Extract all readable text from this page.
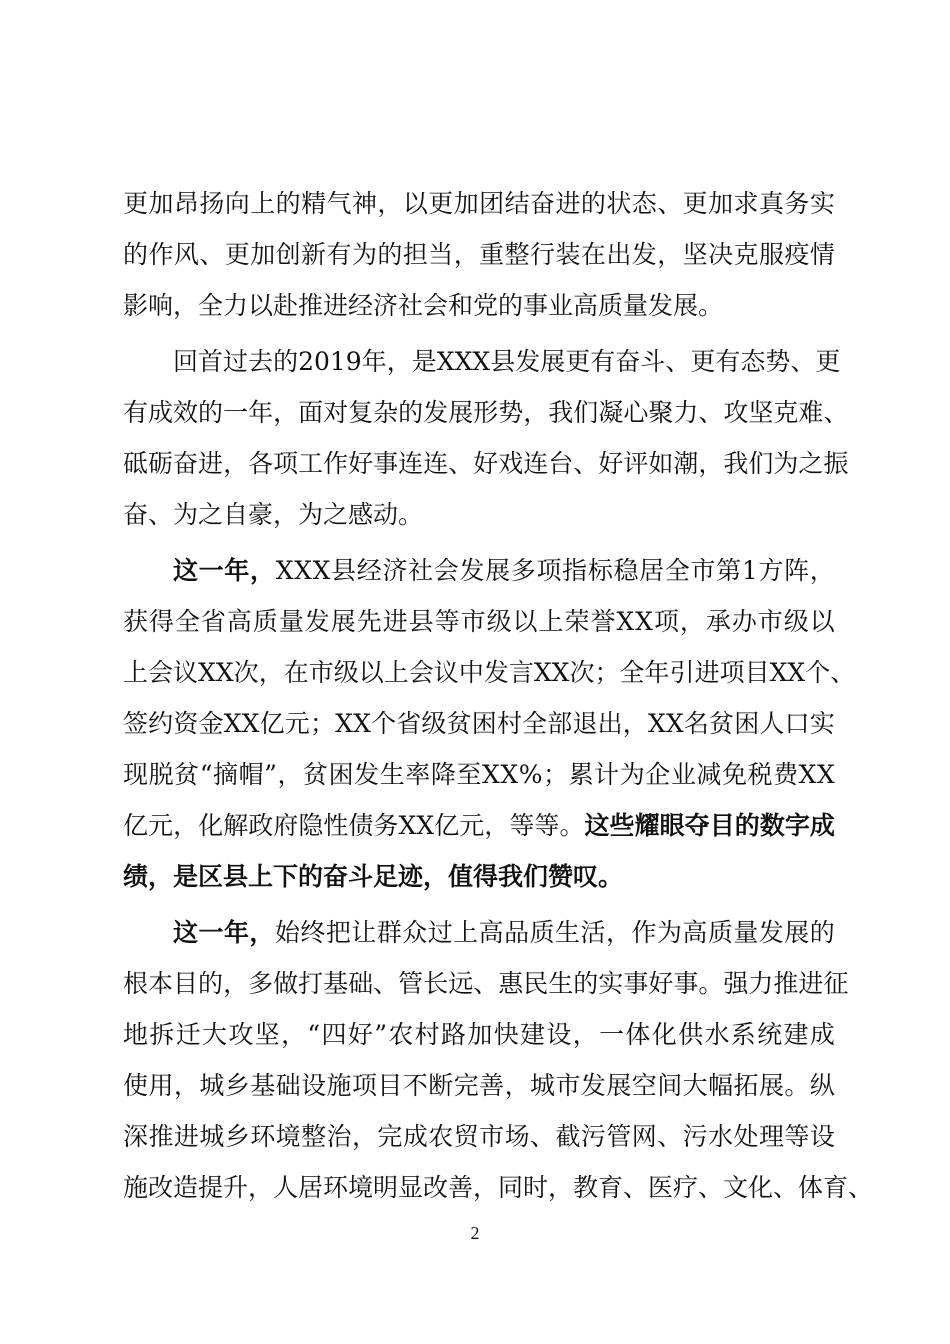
更 加 昂 扬 向 上 的 精 气 神 ， 以 更 加 团 结 奋 进 的 状 态 、 更 加 求 真 务 实
的 作 风 、 更 加 创 新 有 为 的 担 当 ， 重 整 行 装 在 出 发 ， 坚 决 克 服 疫 情
影响，全力以赴推进经济社会和党的事业高质量发展。
回 首 过 去 的 2 0 1 9 年 ， 是 X X X 县 发 展 更 有 奋 斗 、 更 有 态 势 、 更
有 成 效 的 一 年 ， 面 对 复 杂 的 发 展 形 势 ， 我 们 凝 心 聚 力 、 攻 坚 克 难 、
砥 砺 奋 进 ， 各 项 工 作 好 事 连 连 、 好 戏 连 台 、 好 评 如 潮 ， 我 们 为 之 振
奋、为之自豪，为之感动。
这 一 年 ， X X X 县 经 济 社 会 发 展 多 项 指 标 稳 居 全 市 第 1 方 阵 ，
获 得 全 省 高 质 量 发 展 先 进 县 等 市 级 以 上 荣 誉 X X 项 ， 承 办 市 级 以
上 会 议 X X 次 ， 在 市 级 以 上 会 议 中 发 言 X X 次 ； 全 年 引 进 项 目 X X 个 、
签 约 资 金 X X 亿 元 ； X X 个 省 级 贫 困 村 全 部 退 出 ， X X 名 贫 困 人 口 实
现 脱 贫 “ 摘 帽 ” ， 贫 困 发 生 率 降 至 X X % ； 累 计 为 企 业 减 免 税 费 X X
亿 元 ， 化 解 政 府 隐 性 债 务 X X 亿 元 ， 等 等 。 这 些 耀 眼 夺 目 的 数 字 成
绩，是区县上下的奋斗足迹，值得我们赞叹。
这 一 年 ， 始 终 把 让 群 众 过 上 高 品 质 生 活 ， 作 为 高 质 量 发 展 的
根 本 目 的 ， 多 做 打 基 础 、 管 长 远 、 惠 民 生 的 实 事 好 事 。 强 力 推 进 征
地 拆 迁 大 攻 坚 ， “ 四 好 ” 农 村 路 加 快 建 设 ， 一 体 化 供 水 系 统 建 成
使 用 ， 城 乡 基 础 设 施 项 目 不 断 完 善 ， 城 市 发 展 空 间 大 幅 拓 展 。 纵
深 推 进 城 乡 环 境 整 治 ， 完 成 农 贸 市 场 、 截 污 管 网 、 污 水 处 理 等 设
施改造提升，人居环境明显改善，同时，教育、医疗、文化、体育、
2
